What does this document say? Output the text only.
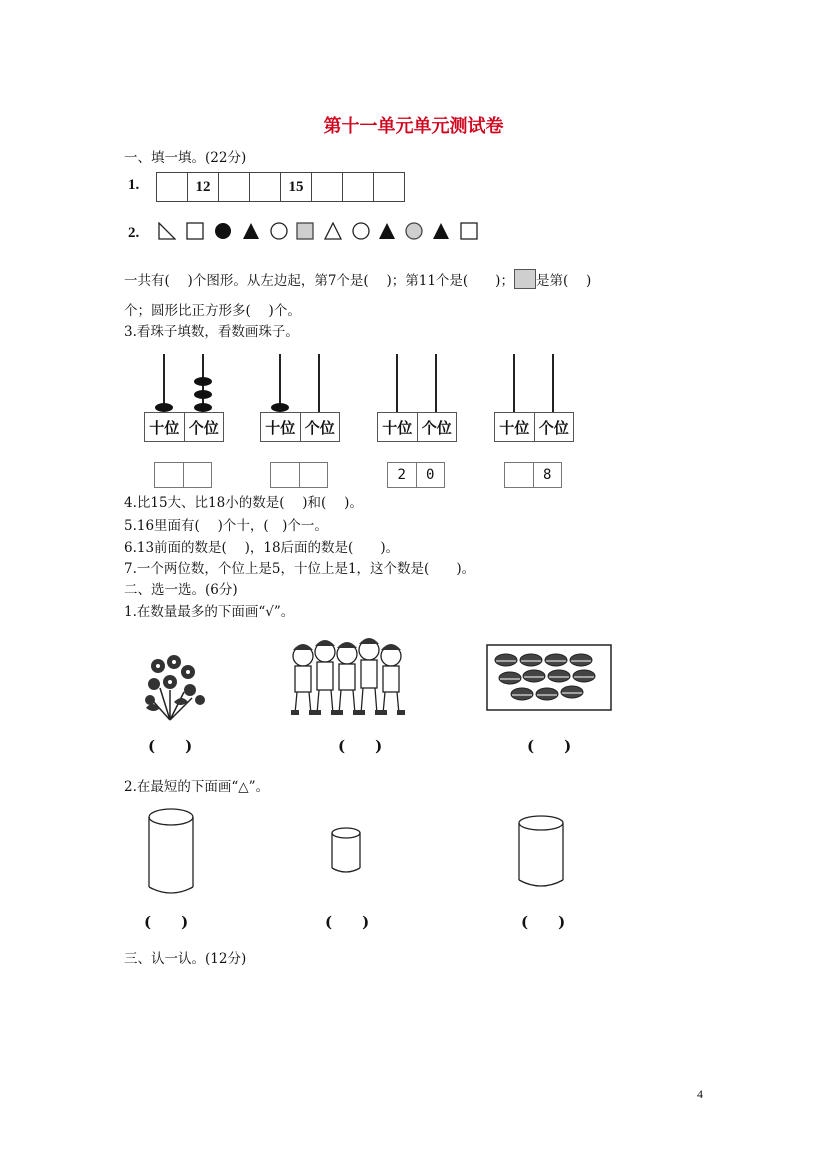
第十一单元单元测试卷
一、填一填。(22分)
1.	12	15
2.
一共有(　 )个图形。从左边起，第7个是(　 )；第11个是(　　)； 是第(　 )
个；圆形比正方形多(　 )个。
3.看珠子填数，看数画珠子。
十位 个位	十位 个位	十位 个位
2	0
十位 个位
8
4.比15大、比18小的数是(　 )和(　 )。
5.16里面有(　 )个十，(　)个一。
6.13前面的数是(　 )，18后面的数是(　　)。
7.一个两位数，个位上是5，十位上是1，这个数是(　　)。
二、选一选。(6分)
1.在数量最多的下面画“√”。
(　　)	(　　)	(　　)
2.在最短的下面画“△”。
(　　)	(　　)	(　　)
三、认一认。(12分)
4
